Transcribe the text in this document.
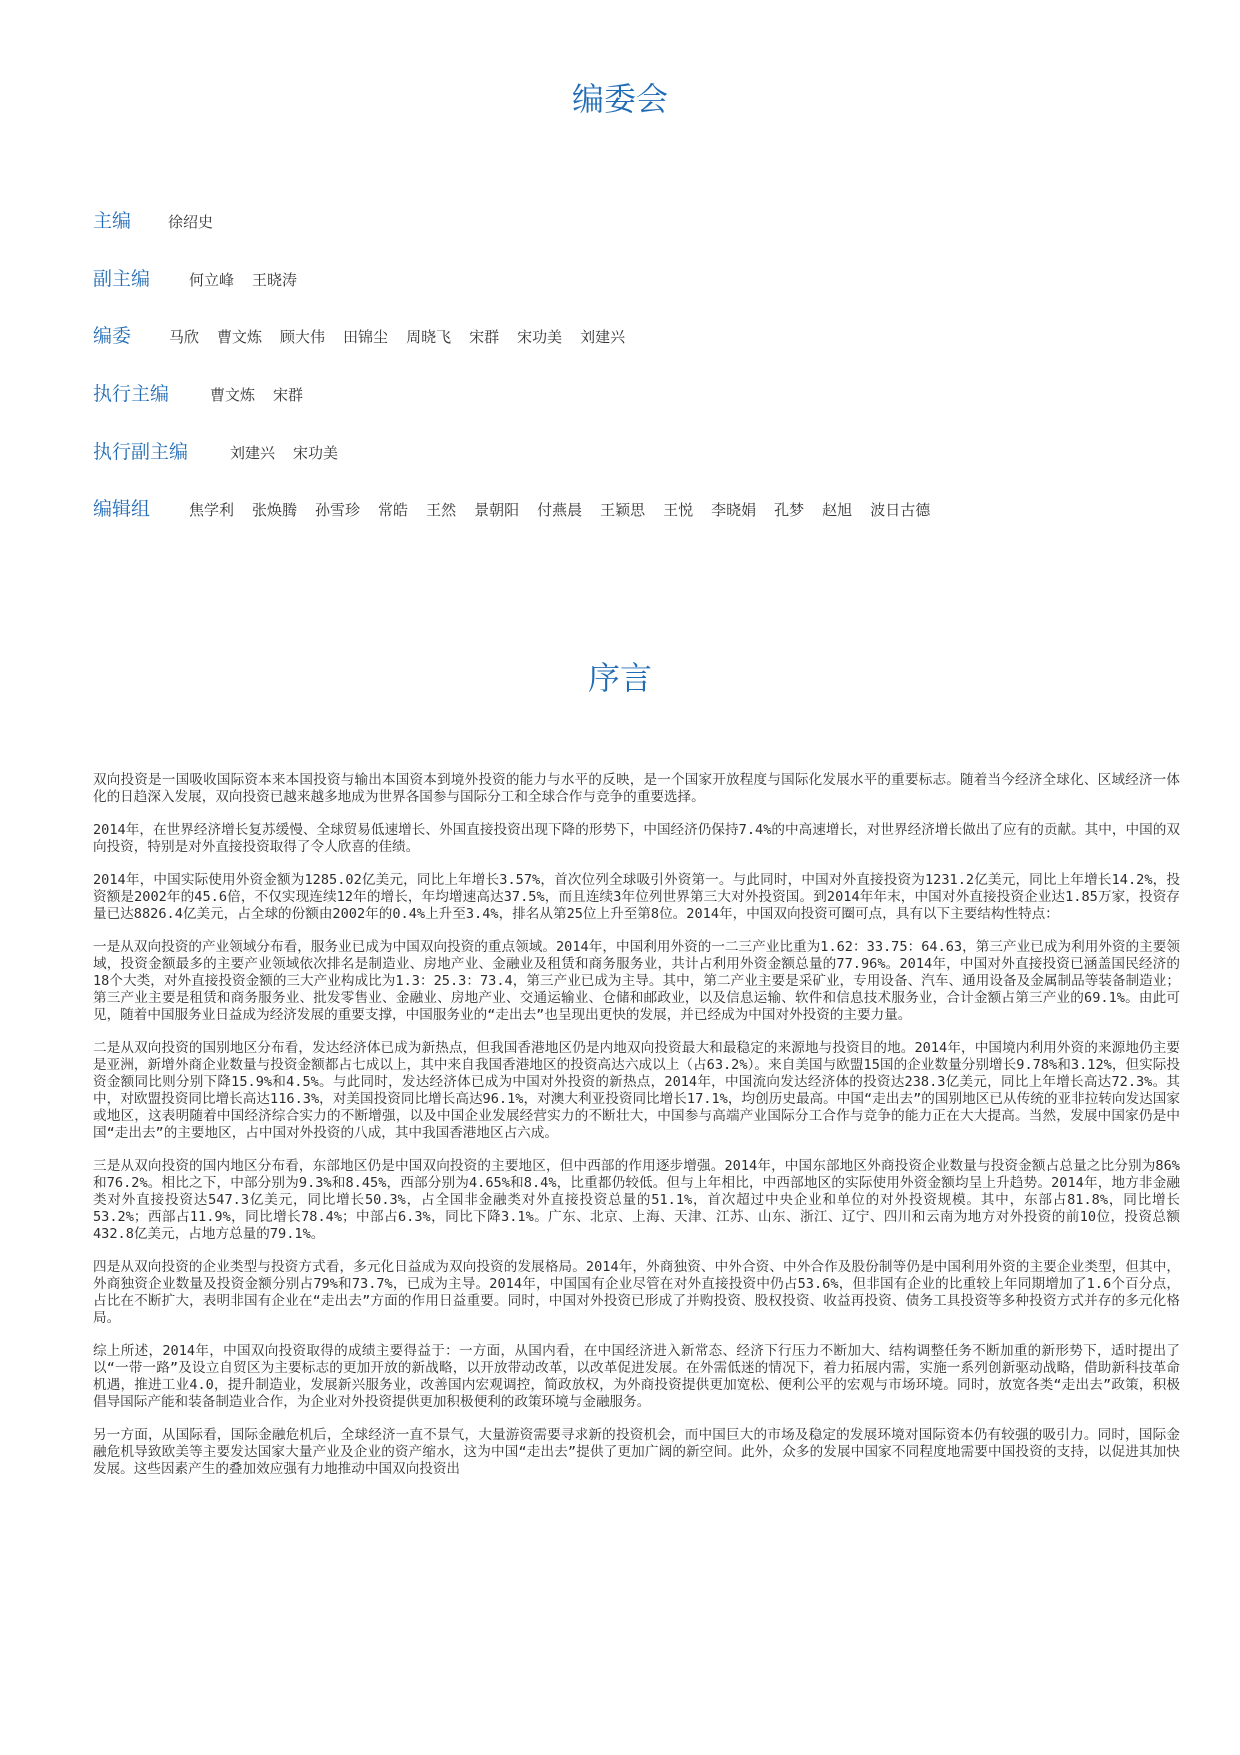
编委会
主编	徐绍史
副主编	何立峰 王晓涛
编委	马欣 曹文炼 顾大伟 田锦尘 周晓飞 宋群 宋功美 刘建兴
执行主编	曹文炼 宋群
执行副主编	刘建兴 宋功美
编辑组	焦学利 张焕腾 孙雪珍 常皓 王然 景朝阳 付燕晨 王颖思 王悦 李晓娟 孔梦 赵旭 波日古德
序言

双向投资是一国吸收国际资本来本国投资与输出本国资本到境外投资的能力与水平的反映，是一个国家开放程度与国际化发展水平的重要标志。随着当今经济全球化、区域经济一体化的日趋深入发展，双向投资已越来越多地成为世界各国参与国际分工和全球合作与竞争的重要选择。

2014年，在世界经济增长复苏缓慢、全球贸易低速增长、外国直接投资出现下降的形势下，中国经济仍保持7.4%的中高速增长，对世界经济增长做出了应有的贡献。其中，中国的双向投资，特别是对外直接投资取得了令人欣喜的佳绩。

2014年，中国实际使用外资金额为1285.02亿美元，同比上年增长3.57%，首次位列全球吸引外资第一。与此同时，中国对外直接投资为1231.2亿美元，同比上年增长14.2%，投资额是2002年的45.6倍，不仅实现连续12年的增长，年均增速高达37.5%，而且连续3年位列世界第三大对外投资国。到2014年年末，中国对外直接投资企业达1.85万家，投资存量已达8826.4亿美元，占全球的份额由2002年的0.4%上升至3.4%，排名从第25位上升至第8位。2014年，中国双向投资可圈可点，具有以下主要结构性特点：

一是从双向投资的产业领域分布看，服务业已成为中国双向投资的重点领域。2014年，中国利用外资的一二三产业比重为1.62：33.75：64.63，第三产业已成为利用外资的主要领域，投资金额最多的主要产业领域依次排名是制造业、房地产业、金融业及租赁和商务服务业，共计占利用外资金额总量的77.96%。2014年，中国对外直接投资已涵盖国民经济的18个大类，对外直接投资金额的三大产业构成比为1.3：25.3：73.4，第三产业已成为主导。其中，第二产业主要是采矿业，专用设备、汽车、通用设备及金属制品等装备制造业；第三产业主要是租赁和商务服务业、批发零售业、金融业、房地产业、交通运输业、仓储和邮政业，以及信息运输、软件和信息技术服务业，合计金额占第三产业的69.1%。由此可见，随着中国服务业日益成为经济发展的重要支撑，中国服务业的“走出去”也呈现出更快的发展，并已经成为中国对外投资的主要力量。

二是从双向投资的国别地区分布看，发达经济体已成为新热点，但我国香港地区仍是内地双向投资最大和最稳定的来源地与投资目的地。2014年，中国境内利用外资的来源地仍主要是亚洲，新增外商企业数量与投资金额都占七成以上，其中来自我国香港地区的投资高达六成以上（占63.2%）。来自美国与欧盟15国的企业数量分别增长9.78%和3.12%，但实际投资金额同比则分别下降15.9%和4.5%。与此同时，发达经济体已成为中国对外投资的新热点，2014年，中国流向发达经济体的投资达238.3亿美元，同比上年增长高达72.3%。其中，对欧盟投资同比增长高达116.3%，对美国投资同比增长高达96.1%，对澳大利亚投资同比增长17.1%，均创历史最高。中国“走出去”的国别地区已从传统的亚非拉转向发达国家或地区，这表明随着中国经济综合实力的不断增强，以及中国企业发展经营实力的不断壮大，中国参与高端产业国际分工合作与竞争的能力正在大大提高。当然，发展中国家仍是中国“走出去”的主要地区，占中国对外投资的八成，其中我国香港地区占六成。

三是从双向投资的国内地区分布看，东部地区仍是中国双向投资的主要地区，但中西部的作用逐步增强。2014年，中国东部地区外商投资企业数量与投资金额占总量之比分别为86%和76.2%。相比之下，中部分别为9.3%和8.45%，西部分别为4.65%和8.4%，比重都仍较低。但与上年相比，中西部地区的实际使用外资金额均呈上升趋势。2014年，地方非金融类对外直接投资达547.3亿美元，同比增长50.3%，占全国非金融类对外直接投资总量的51.1%，首次超过中央企业和单位的对外投资规模。其中，东部占81.8%，同比增长53.2%；西部占11.9%，同比增长78.4%；中部占6.3%，同比下降3.1%。广东、北京、上海、天津、江苏、山东、浙江、辽宁、四川和云南为地方对外投资的前10位，投资总额432.8亿美元，占地方总量的79.1%。

四是从双向投资的企业类型与投资方式看，多元化日益成为双向投资的发展格局。2014年，外商独资、中外合资、中外合作及股份制等仍是中国利用外资的主要企业类型，但其中，外商独资企业数量及投资金额分别占79%和73.7%，已成为主导。2014年，中国国有企业尽管在对外直接投资中仍占53.6%，但非国有企业的比重较上年同期增加了1.6个百分点，占比在不断扩大，表明非国有企业在“走出去”方面的作用日益重要。同时，中国对外投资已形成了并购投资、股权投资、收益再投资、债务工具投资等多种投资方式并存的多元化格局。

综上所述，2014年，中国双向投资取得的成绩主要得益于：一方面，从国内看，在中国经济进入新常态、经济下行压力不断加大、结构调整任务不断加重的新形势下，适时提出了以“一带一路”及设立自贸区为主要标志的更加开放的新战略，以开放带动改革，以改革促进发展。在外需低迷的情况下，着力拓展内需，实施一系列创新驱动战略，借助新科技革命机遇，推进工业4.0，提升制造业，发展新兴服务业，改善国内宏观调控，简政放权，为外商投资提供更加宽松、便利公平的宏观与市场环境。同时，放宽各类“走出去”政策，积极倡导国际产能和装备制造业合作，为企业对外投资提供更加积极便利的政策环境与金融服务。

另一方面，从国际看，国际金融危机后，全球经济一直不景气，大量游资需要寻求新的投资机会，而中国巨大的市场及稳定的发展环境对国际资本仍有较强的吸引力。同时，国际金融危机导致欧美等主要发达国家大量产业及企业的资产缩水，这为中国“走出去”提供了更加广阔的新空间。此外，众多的发展中国家不同程度地需要中国投资的支持，以促进其加快发展。这些因素产生的叠加效应强有力地推动中国双向投资出
